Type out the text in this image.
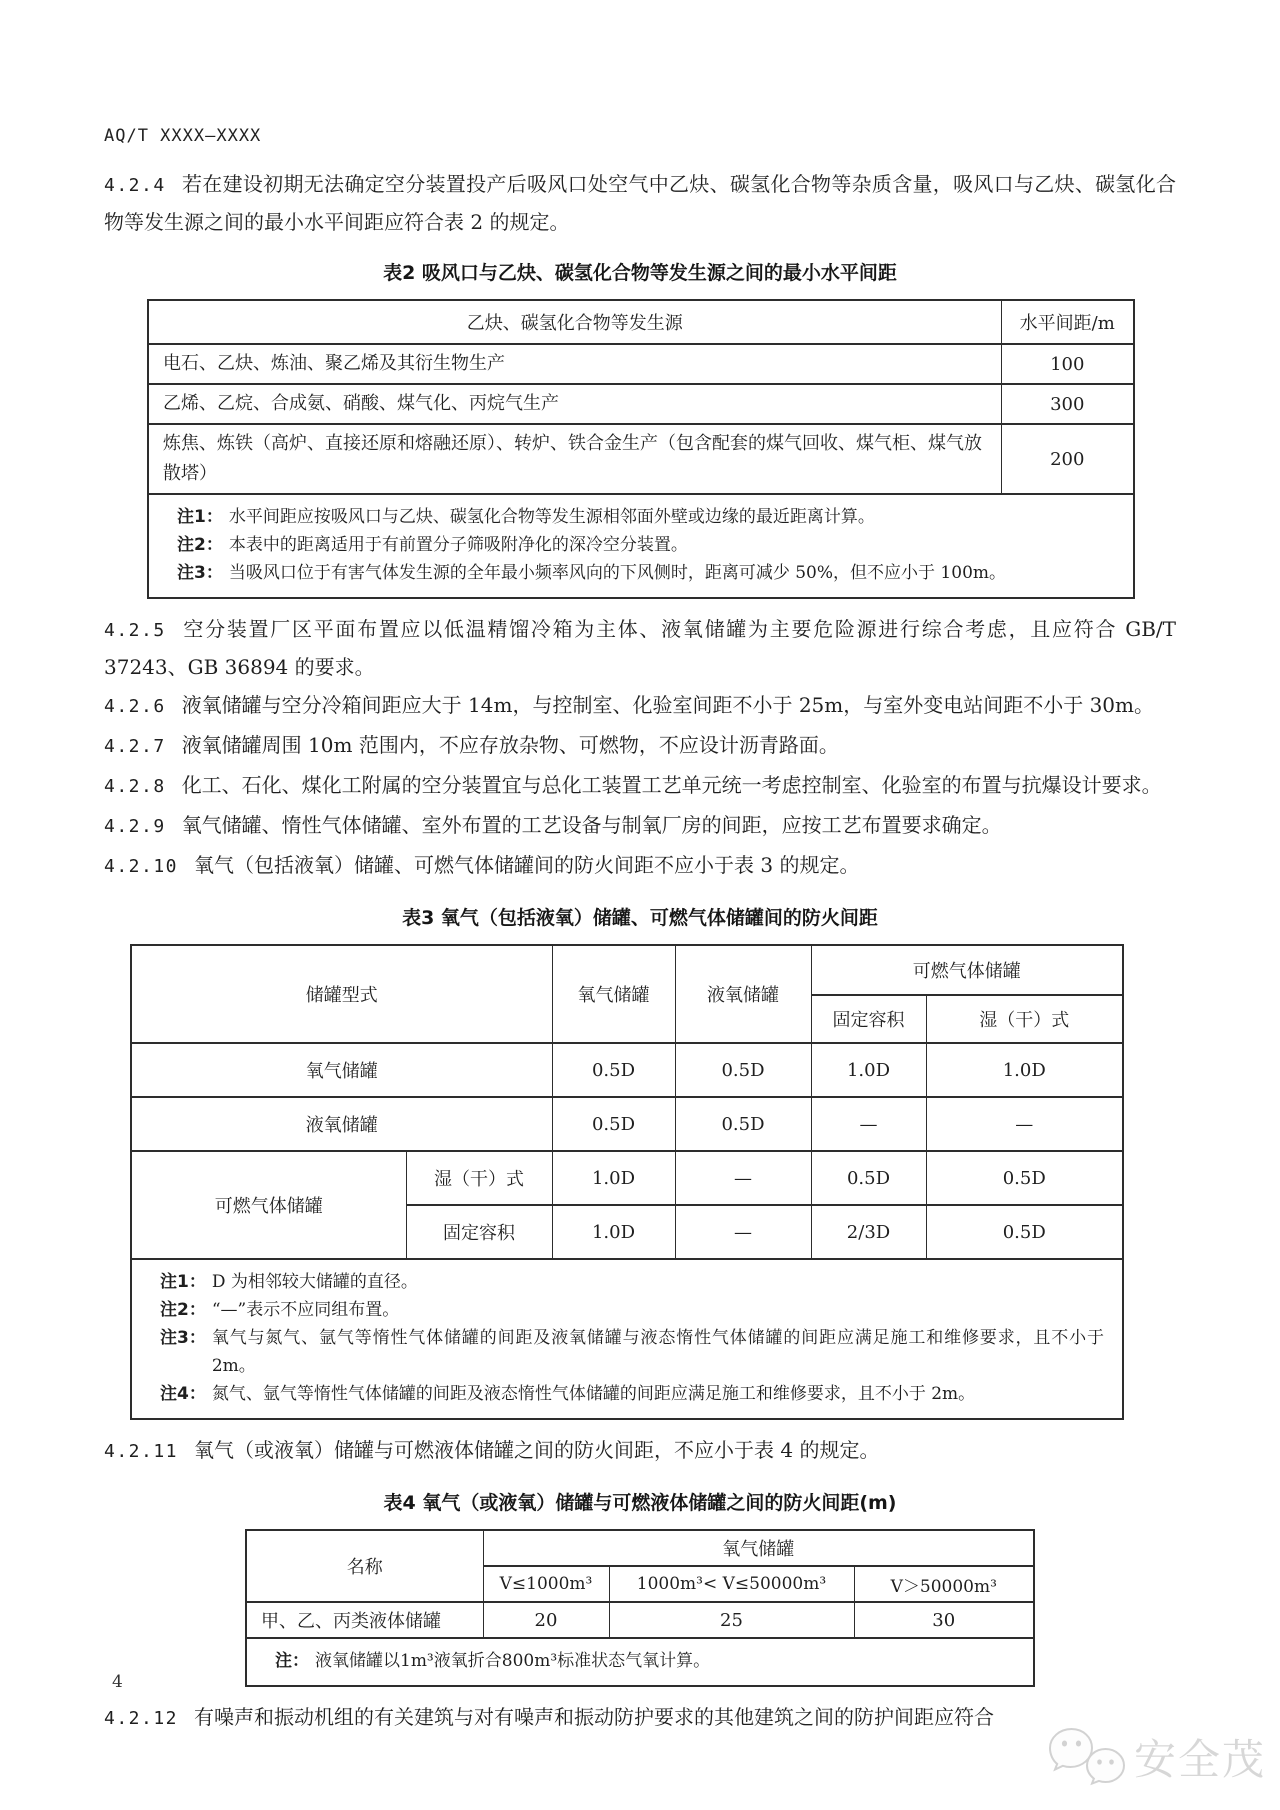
AQ/T XXXX—XXXX

4.2.4 若在建设初期无法确定空分装置投产后吸风口处空气中乙炔、碳氢化合物等杂质含量，吸风口与乙炔、碳氢化合物等发生源之间的最小水平间距应符合表 2 的规定。

表2 吸风口与乙炔、碳氢化合物等发生源之间的最小水平间距
乙炔、碳氢化合物等发生源	水平间距/m
电石、乙炔、炼油、聚乙烯及其衍生物生产	100
乙烯、乙烷、合成氨、硝酸、煤气化、丙烷气生产	300
炼焦、炼铁（高炉、直接还原和熔融还原）、转炉、铁合金生产（包含配套的煤气回收、煤气柜、煤气放散塔）	200

注1： 水平间距应按吸风口与乙炔、碳氢化合物等发生源相邻面外壁或边缘的最近距离计算。
注2： 本表中的距离适用于有前置分子筛吸附净化的深冷空分装置。
注3： 当吸风口位于有害气体发生源的全年最小频率风向的下风侧时，距离可减少 50%，但不应小于 100m。

4.2.5 空分装置厂区平面布置应以低温精馏冷箱为主体、液氧储罐为主要危险源进行综合考虑，且应符合 GB/T 37243、GB 36894 的要求。

4.2.6 液氧储罐与空分冷箱间距应大于 14m，与控制室、化验室间距不小于 25m，与室外变电站间距不小于 30m。

4.2.7 液氧储罐周围 10m 范围内，不应存放杂物、可燃物，不应设计沥青路面。

4.2.8 化工、石化、煤化工附属的空分装置宜与总化工装置工艺单元统一考虑控制室、化验室的布置与抗爆设计要求。

4.2.9 氧气储罐、惰性气体储罐、室外布置的工艺设备与制氧厂房的间距，应按工艺布置要求确定。

4.2.10 氧气（包括液氧）储罐、可燃气体储罐间的防火间距不应小于表 3 的规定。

表3 氧气（包括液氧）储罐、可燃气体储罐间的防火间距
储罐型式		氧气储罐	液氧储罐	可燃气体储罐	
				固定容积	湿（干）式
氧气储罐		0.5D	0.5D	1.0D	1.0D
液氧储罐		0.5D	0.5D	—	—
可燃气体储罐	湿（干）式	1.0D	—	0.5D	0.5D
	固定容积	1.0D	—	2/3D	0.5D

注1： D 为相邻较大储罐的直径。
注2： “—”表示不应同组布置。
注3： 氧气与氮气、氩气等惰性气体储罐的间距及液氧储罐与液态惰性气体储罐的间距应满足施工和维修要求，且不小于 2m。
注4： 氮气、氩气等惰性气体储罐的间距及液态惰性气体储罐的间距应满足施工和维修要求，且不小于 2m。

4.2.11 氧气（或液氧）储罐与可燃液体储罐之间的防火间距，不应小于表 4 的规定。

表4 氧气（或液氧）储罐与可燃液体储罐之间的防火间距(m)
名称	氧气储罐		
	V≤1000m³	1000m³< V≤50000m³	V＞50000m³
甲、乙、丙类液体储罐	20	25	30

注： 液氧储罐以1m³液氧折合800m³标准状态气氧计算。			

4.2.12 有噪声和振动机组的有关建筑与对有噪声和振动防护要求的其他建筑之间的防护间距应符合

4
安全茂
